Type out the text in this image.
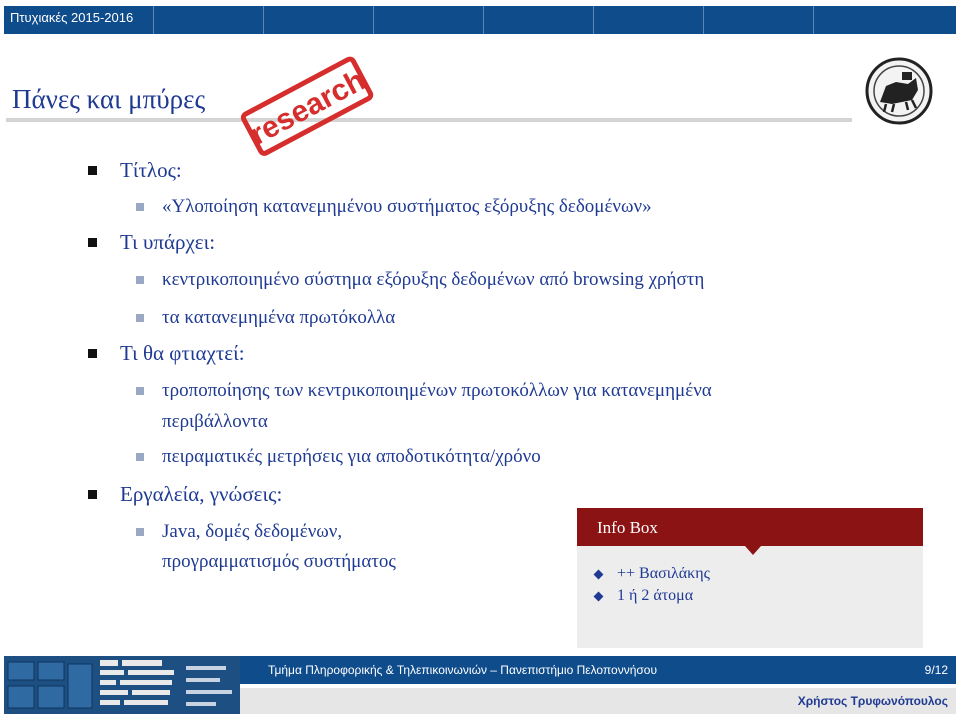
Πτυχιακές 2015-2016
Πάνες και μπύρες research
Τίτλος:
«Υλοποίηση κατανεμημένου συστήματος εξόρυξης δεδομένων»
Τι υπάρχει:
κεντρικοποιημένο σύστημα εξόρυξης δεδομένων από browsing χρήστη
τα κατανεμημένα πρωτόκολλα
Τι θα φτιαχτεί:
τροποποίησης των κεντρικοποιημένων πρωτοκόλλων για κατανεμημένα
περιβάλλοντα
πειραματικές μετρήσεις για αποδοτικότητα/χρόνο
Εργαλεία, γνώσεις:
Java, δομές δεδομένων,
προγραμματισμός συστήματος
Info Box
++ Βασιλάκης
1 ή 2 άτομα
Τμήμα Πληροφορικής & Τηλεπικοινωνιών – Πανεπιστήμιο Πελοποννήσου	9/12
Χρήστος Τρυφωνόπουλος
